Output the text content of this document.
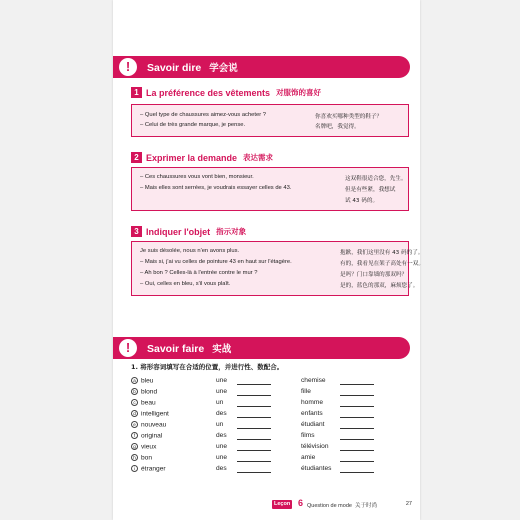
!	Savoir dire 学会说
1 La préférence des vêtements 对服饰的喜好
– Quel type de chaussures aimez-vous acheter ?	你喜欢买哪种类型的鞋子？
– Celui de très grande marque, je pense.	名牌吧，我觉得。
2 Exprimer la demande 表达需求
– Ces chaussures vous vont bien, monsieur.	这双鞋很适合您，先生。
– Mais elles sont serrées, je voudrais essayer celles de 43.	但是有些紧，我想试
试 43 码的。
3 Indiquer l'objet 指示对象
Je suis désolée, nous n'en avons plus.	抱歉，我们这里没有 43 码的了。
– Mais si, j'ai vu celles de pointure 43 en haut sur l'étagère.	有的，我看见在架子高处有一双。
– Ah bon ? Celles-là à l'entrée contre le mur ?	是吗？门口靠墙的那双吗？
– Oui, celles en bleu, s'il vous plaît.	是的，蓝色的那双，麻烦您了。
!	Savoir faire 实战
1. 将形容词填写在合适的位置，并进行性、数配合。
a bleu	une	chemise
b blond	une	fille
c beau	un	homme
d intelligent	des	enfants
e nouveau	un	étudiant
f original	des	films
g vieux	une	télévision
h bon	une	amie
i étranger	des	étudiantes
Leçon 6 Question de mode 关于时尚	27
